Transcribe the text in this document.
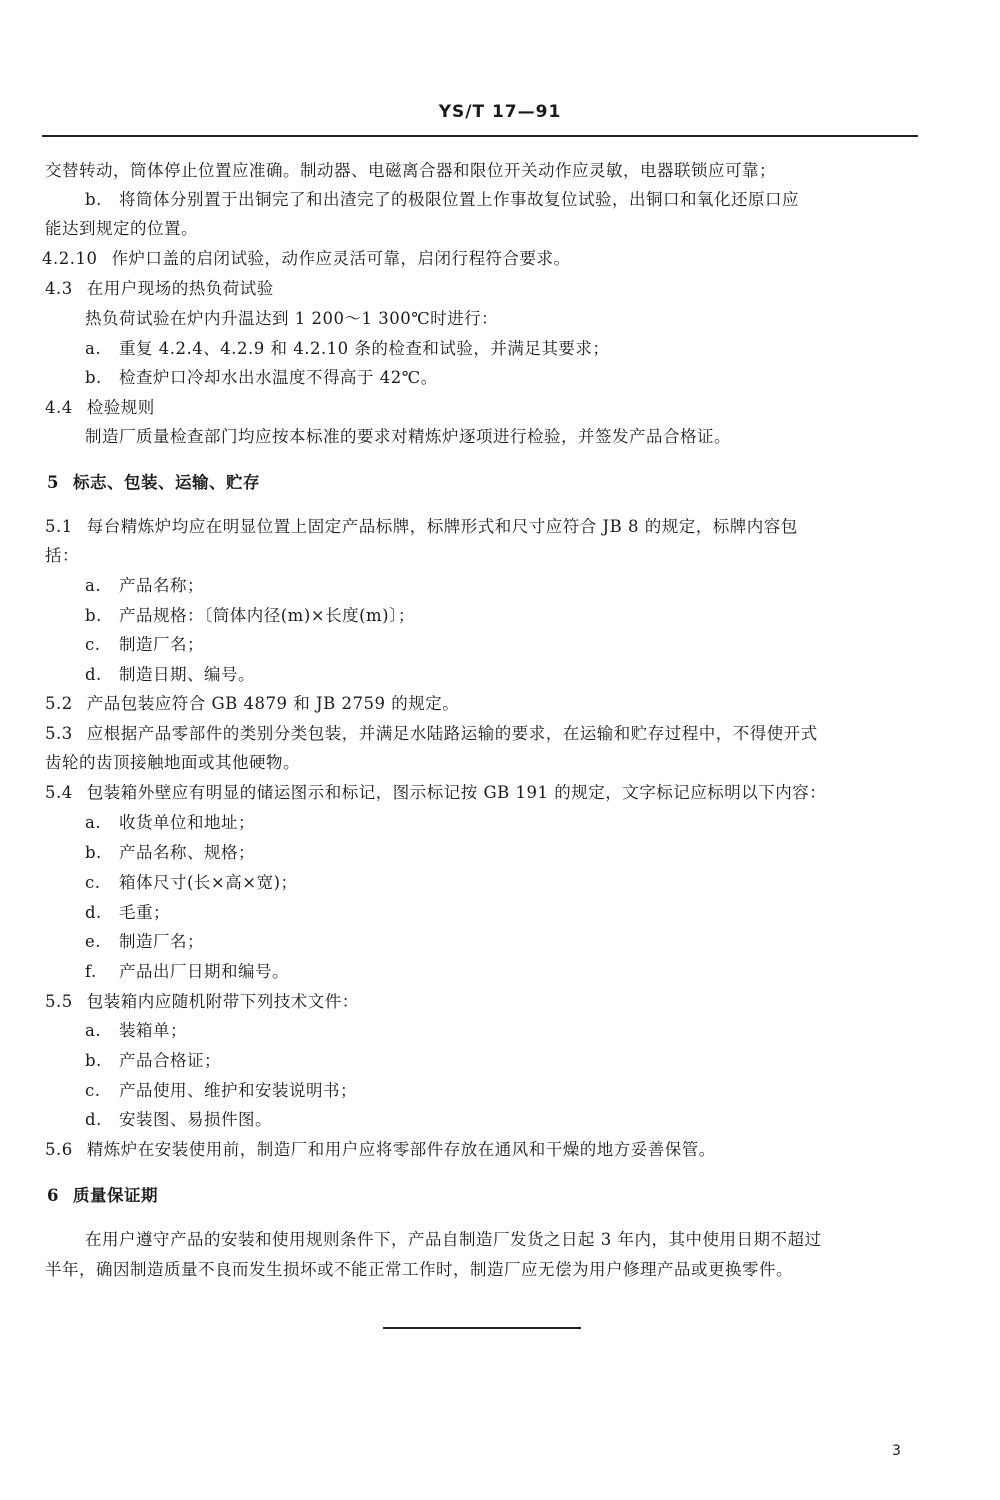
YS/T 17—91
交替转动，筒体停止位置应准确。制动器、电磁离合器和限位开关动作应灵敏，电器联锁应可靠；
b. 将筒体分别置于出铜完了和出渣完了的极限位置上作事故复位试验，出铜口和氧化还原口应
能达到规定的位置。
4.2.10 作炉口盖的启闭试验，动作应灵活可靠，启闭行程符合要求。
4.3 在用户现场的热负荷试验
热负荷试验在炉内升温达到 1 200～1 300℃时进行：
a. 重复 4.2.4、4.2.9 和 4.2.10 条的检查和试验，并满足其要求；
b. 检查炉口冷却水出水温度不得高于 42℃。
4.4 检验规则
制造厂质量检查部门均应按本标准的要求对精炼炉逐项进行检验，并签发产品合格证。
5 标志、包装、运输、贮存
5.1 每台精炼炉均应在明显位置上固定产品标牌，标牌形式和尺寸应符合 JB 8 的规定，标牌内容包
括：
a. 产品名称；
b. 产品规格：〔筒体内径(m)×长度(m)〕；
c. 制造厂名；
d. 制造日期、编号。
5.2 产品包装应符合 GB 4879 和 JB 2759 的规定。
5.3 应根据产品零部件的类别分类包装，并满足水陆路运输的要求，在运输和贮存过程中，不得使开式
齿轮的齿顶接触地面或其他硬物。
5.4 包装箱外壁应有明显的储运图示和标记，图示标记按 GB 191 的规定，文字标记应标明以下内容：
a. 收货单位和地址；
b. 产品名称、规格；
c. 箱体尺寸(长×高×宽)；
d. 毛重；
e. 制造厂名；
f. 产品出厂日期和编号。
5.5 包装箱内应随机附带下列技术文件：
a. 装箱单；
b. 产品合格证；
c. 产品使用、维护和安装说明书；
d. 安装图、易损件图。
5.6 精炼炉在安装使用前，制造厂和用户应将零部件存放在通风和干燥的地方妥善保管。
6 质量保证期
在用户遵守产品的安装和使用规则条件下，产品自制造厂发货之日起 3 年内，其中使用日期不超过
半年，确因制造质量不良而发生损坏或不能正常工作时，制造厂应无偿为用户修理产品或更换零件。
3
